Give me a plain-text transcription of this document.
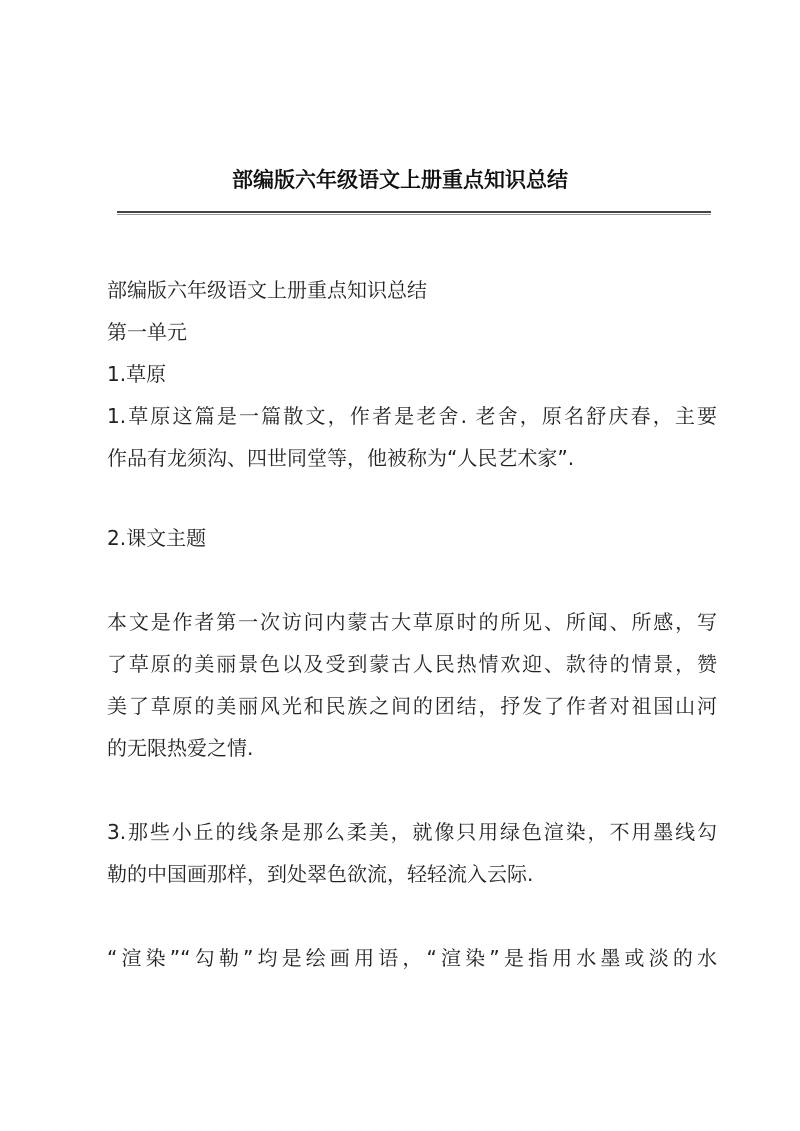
部编版六年级语文上册重点知识总结
部编版六年级语文上册重点知识总结
第一单元
1.草原
1.草原这篇是一篇散文，作者是老舍. 老舍，原名舒庆春，主要
作品有龙须沟、四世同堂等，他被称为“人民艺术家”.
2.课文主题
本文是作者第一次访问内蒙古大草原时的所见、所闻、所感，写
了草原的美丽景色以及受到蒙古人民热情欢迎、款待的情景，赞
美了草原的美丽风光和民族之间的团结，抒发了作者对祖国山河
的无限热爱之情.
3.那些小丘的线条是那么柔美，就像只用绿色渲染，不用墨线勾
勒的中国画那样，到处翠色欲流，轻轻流入云际.
“渲染”“勾勒”均是绘画用语，“渲染”是指用水墨或淡的水
